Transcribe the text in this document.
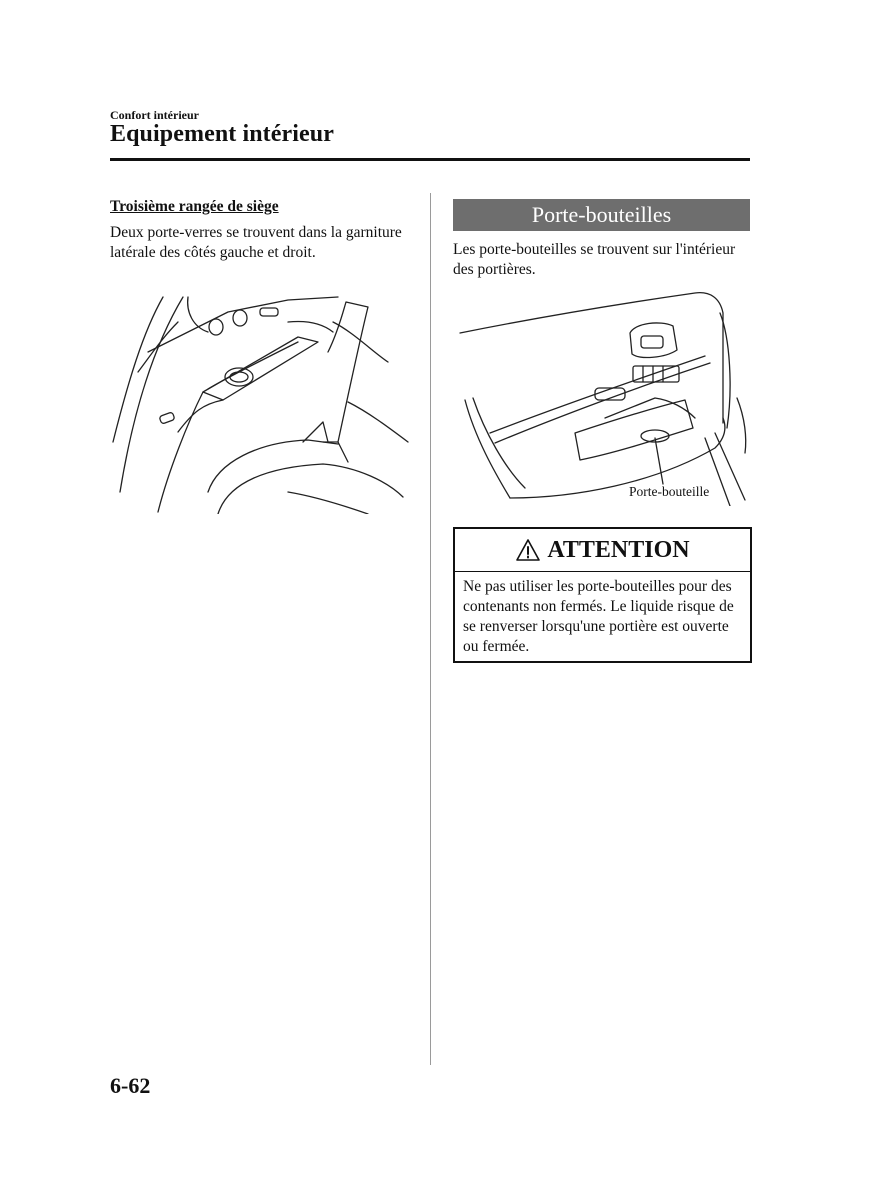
Confort intérieur
Equipement intérieur
Troisième rangée de siège
Deux porte-verres se trouvent dans la garniture latérale des côtés gauche et droit.
Porte-bouteilles
Les porte-bouteilles se trouvent sur l'intérieur des portières.
Porte-bouteille
ATTENTION
Ne pas utiliser les porte-bouteilles pour des contenants non fermés. Le liquide risque de se renverser lorsqu'une portière est ouverte ou fermée.
6-62
